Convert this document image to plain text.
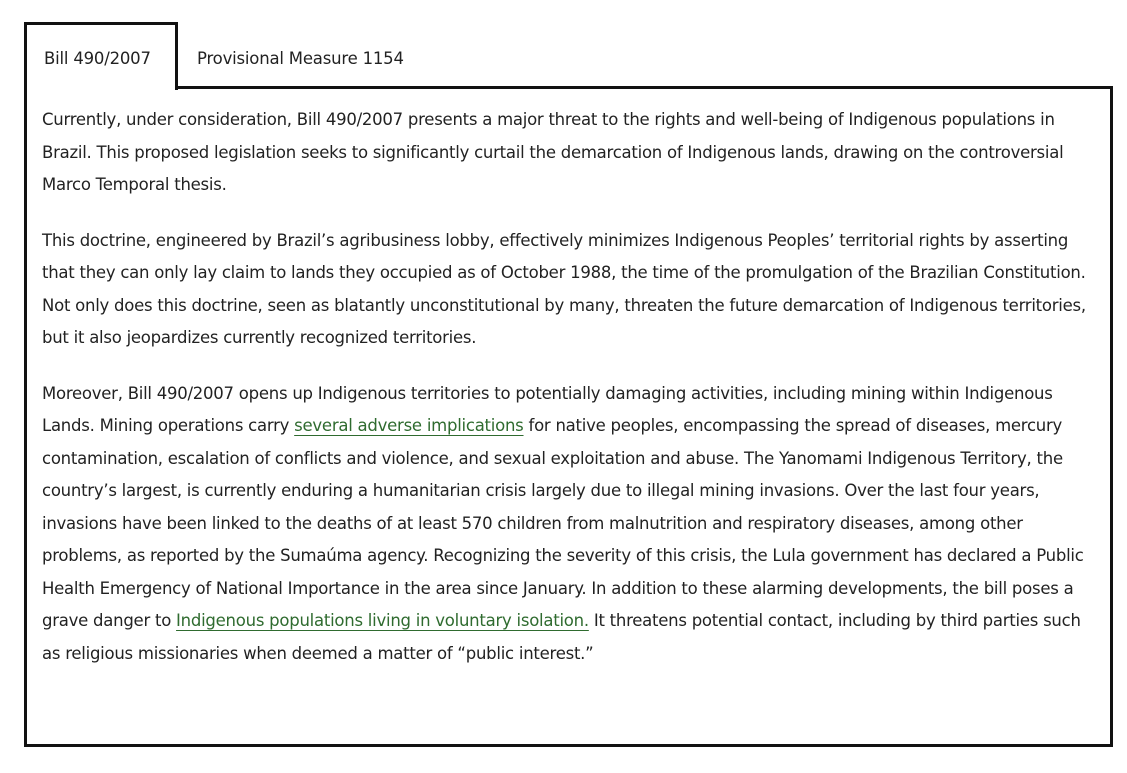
Bill 490/2007	Provisional Measure 1154

Currently, under consideration, Bill 490/2007 presents a major threat to the rights and well-being of Indigenous populations in Brazil. This proposed legislation seeks to significantly curtail the demarcation of Indigenous lands, drawing on the controversial Marco Temporal thesis.

This doctrine, engineered by Brazil’s agribusiness lobby, effectively minimizes Indigenous Peoples’ territorial rights by asserting that they can only lay claim to lands they occupied as of October 1988, the time of the promulgation of the Brazilian Constitution. Not only does this doctrine, seen as blatantly unconstitutional by many, threaten the future demarcation of Indigenous territories, but it also jeopardizes currently recognized territories.

Moreover, Bill 490/2007 opens up Indigenous territories to potentially damaging activities, including mining within Indigenous Lands. Mining operations carry several adverse implications for native peoples, encompassing the spread of diseases, mercury contamination, escalation of conflicts and violence, and sexual exploitation and abuse. The Yanomami Indigenous Territory, the country’s largest, is currently enduring a humanitarian crisis largely due to illegal mining invasions. Over the last four years, invasions have been linked to the deaths of at least 570 children from malnutrition and respiratory diseases, among other problems, as reported by the Sumaúma agency. Recognizing the severity of this crisis, the Lula government has declared a Public Health Emergency of National Importance in the area since January. In addition to these alarming developments, the bill poses a grave danger to Indigenous populations living in voluntary isolation. It threatens potential contact, including by third parties such as religious missionaries when deemed a matter of “public interest.”
